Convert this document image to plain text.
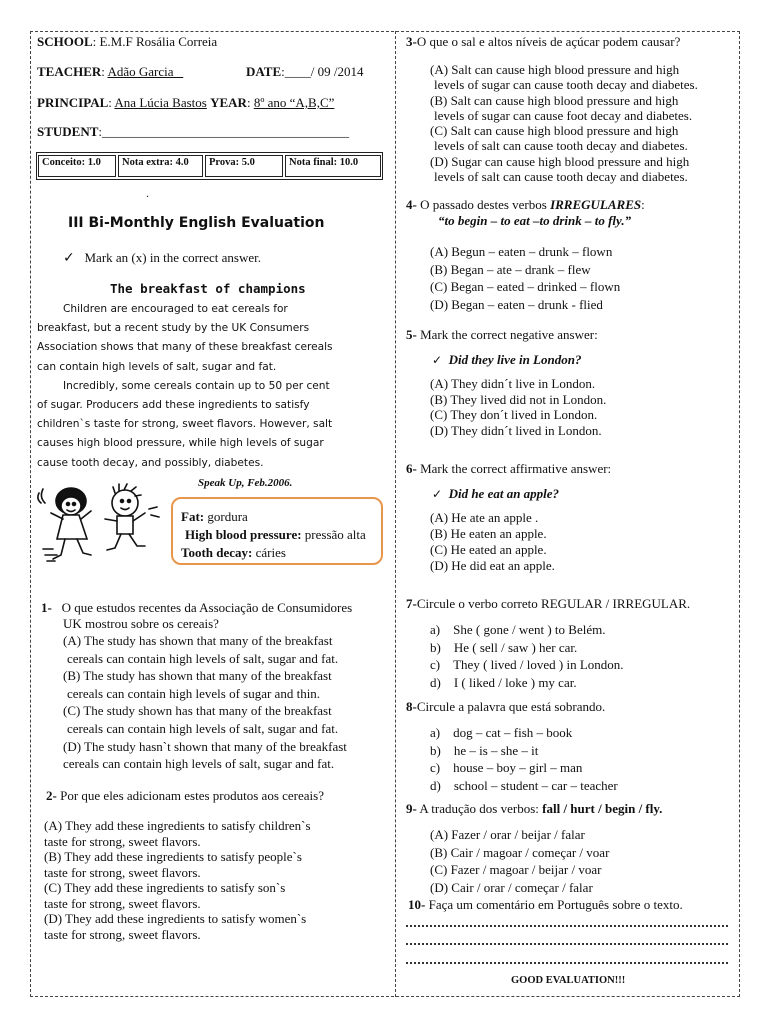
SCHOOL: E.M.F Rosália Correia
TEACHER: Adão Garcia	DATE:____/ 09 /2014
PRINCIPAL: Ana Lúcia Bastos YEAR: 8º ano “A,B,C”
STUDENT:______________________________________
Conceito: 1.0	Nota extra: 4.0	Prova: 5.0	Nota final: 10.0
.
III Bi-Monthly English Evaluation
✓ Mark an (x) in the correct answer.
The breakfast of champions
Children are encouraged to eat cereals for
breakfast, but a recent study by the UK Consumers
Association shows that many of these breakfast cereals
can contain high levels of salt, sugar and fat.
Incredibly, some cereals contain up to 50 per cent
of sugar. Producers add these ingredients to satisfy
children`s taste for strong, sweet flavors. However, salt
causes high blood pressure, while high levels of sugar
cause tooth decay, and possibly, diabetes.
Speak Up, Feb.2006.
Fat: gordura
High blood pressure: pressão alta
Tooth decay: cáries
1- O que estudos recentes da Associação de Consumidores
UK mostrou sobre os cereais?
(A) The study has shown that many of the breakfast
cereals can contain high levels of salt, sugar and fat.
(B) The study has shown that many of the breakfast
cereals can contain high levels of sugar and thin.
(C) The study shown has that many of the breakfast
cereals can contain high levels of salt, sugar and fat.
(D) The study hasn`t shown that many of the breakfast
cereals can contain high levels of salt, sugar and fat.
2- Por que eles adicionam estes produtos aos cereais?
(A) They add these ingredients to satisfy children`s
taste for strong, sweet flavors.
(B) They add these ingredients to satisfy people`s
taste for strong, sweet flavors.
(C) They add these ingredients to satisfy son`s
taste for strong, sweet flavors.
(D) They add these ingredients to satisfy women`s
taste for strong, sweet flavors.
3-O que o sal e altos níveis de açúcar podem causar?
(A) Salt can cause high blood pressure and high
levels of sugar can cause tooth decay and diabetes.
(B) Salt can cause high blood pressure and high
levels of sugar can cause foot decay and diabetes.
(C) Salt can cause high blood pressure and high
levels of salt can cause tooth decay and diabetes.
(D) Sugar can cause high blood pressure and high
levels of salt can cause tooth decay and diabetes.
4- O passado destes verbos IRREGULARES:
“to begin – to eat –to drink – to fly.”
(A) Begun – eaten – drunk – flown
(B) Began – ate – drank – flew
(C) Began – eated – drinked – flown
(D) Began – eaten – drunk - flied
5- Mark the correct negative answer:
✓ Did they live in London?
(A) They didn´t live in London.
(B) They lived did not in London.
(C) They don´t lived in London.
(D) They didn´t lived in London.
6- Mark the correct affirmative answer:
✓ Did he eat an apple?
(A) He ate an apple .
(B) He eaten an apple.
(C) He eated an apple.
(D) He did eat an apple.
7-Circule o verbo correto REGULAR / IRREGULAR.
a) She ( gone / went ) to Belém.
b) He ( sell / saw ) her car.
c) They ( lived / loved ) in London.
d) I ( liked / loke ) my car.
8-Circule a palavra que está sobrando.
a) dog – cat – fish – book
b) he – is – she – it
c) house – boy – girl – man
d) school – student – car – teacher
9- A tradução dos verbos: fall / hurt / begin / fly.
(A) Fazer / orar / beijar / falar
(B) Cair / magoar / começar / voar
(C) Fazer / magoar / beijar / voar
(D) Cair / orar / começar / falar
10- Faça um comentário em Português sobre o texto.
GOOD EVALUATION!!!
